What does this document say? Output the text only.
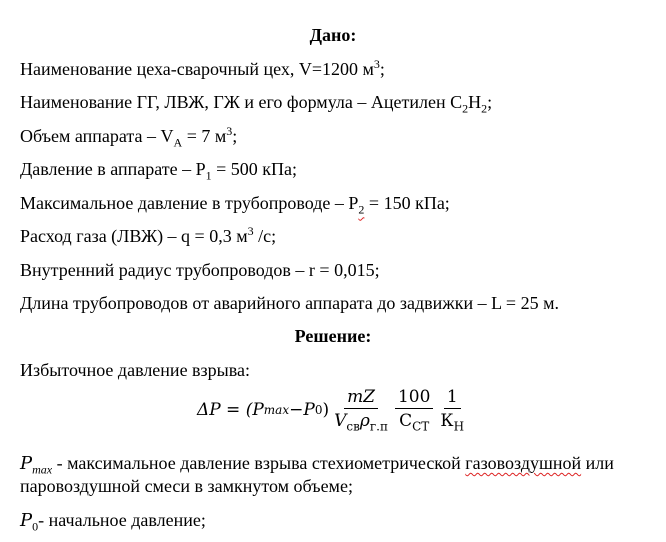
Дано:
Наименование цеха-сварочный цех, V=1200 $м^3$;
Наименование ГГ, ЛВЖ, ГЖ и его формула – Ацетилен $C_2H_2$;
Объем аппарата – $V_A = 7$ $м^3$;
Давление в аппарате – $P_1 = 500$ кПа;
Максимальное давление в трубопроводе – $P_2 = 150$ кПа;
Расход газа (ЛВЖ) – q = 0,3 $м^3$ /с;
Внутренний радиус трубопроводов – r = 0,015;
Длина трубопроводов от аварийного аппарата до задвижки – L = 25 м.
Решение:
Избыточное давление взрыва:
ΔP = ( P max − P 0 ) $\frac{mZ}{V_{св}\rho_{г.п}} \frac{100}{C_{СТ}} \frac{1}{К_Н}$
$P_{max}$ - максимальное давление взрыва стехиометрической газовоздушной или
паровоздушной смеси в замкнутом объеме;
$P_0-$ начальное давление;
